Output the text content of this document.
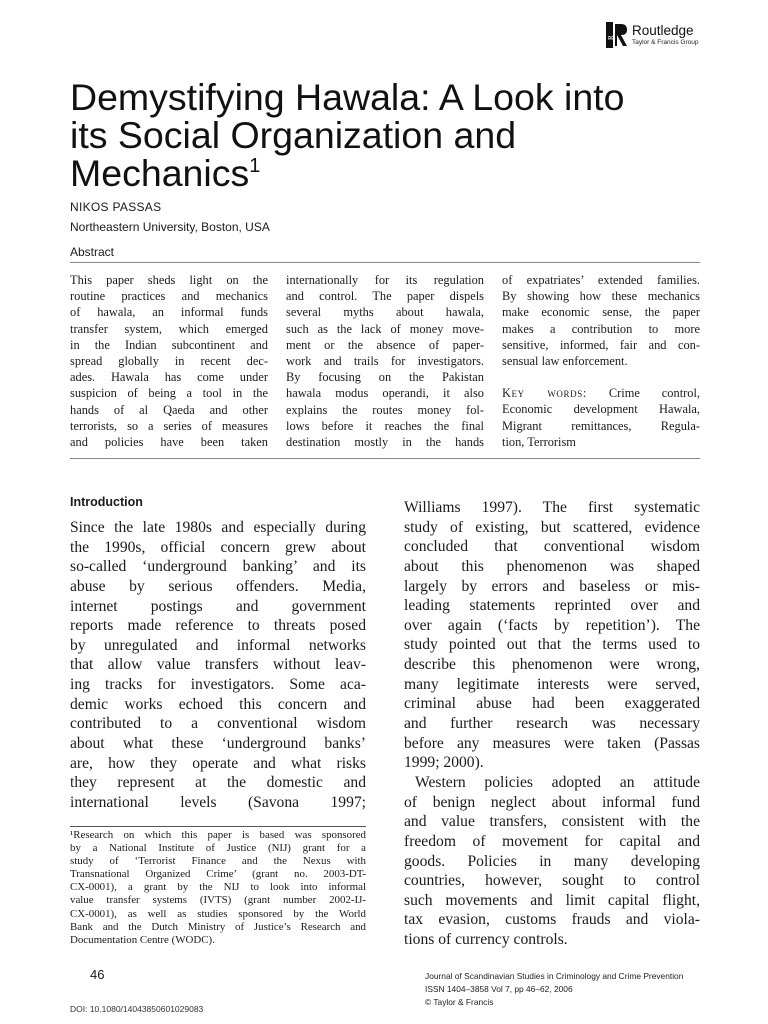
R Routledge
Taylor & Francis Group
Demystifying Hawala: A Look into
its Social Organization and
Mechanics$^1$
NIKOS PASSAS
Northeastern University, Boston, USA
Abstract
This paper sheds light on the
routine practices and mechanics
of hawala, an informal funds
transfer system, which emerged
in the Indian subcontinent and
spread globally in recent dec-
ades. Hawala has come under
suspicion of being a tool in the
hands of al Qaeda and other
terrorists, so a series of measures
and policies have been taken
internationally for its regulation
and control. The paper dispels
several myths about hawala,
such as the lack of money move-
ment or the absence of paper-
work and trails for investigators.
By focusing on the Pakistan
hawala modus operandi, it also
explains the routes money fol-
lows before it reaches the final
destination mostly in the hands
of expatriates’ extended families.
By showing how these mechanics
make economic sense, the paper
makes a contribution to more
sensitive, informed, fair and con-
sensual law enforcement.
Key words: Crime control,
Economic development Hawala,
Migrant remittances, Regula-
tion, Terrorism
Introduction
Since the late 1980s and especially during
the 1990s, official concern grew about
so-called ‘underground banking’ and its
abuse by serious offenders. Media,
internet postings and government
reports made reference to threats posed
by unregulated and informal networks
that allow value transfers without leav-
ing tracks for investigators. Some aca-
demic works echoed this concern and
contributed to a conventional wisdom
about what these ‘underground banks’
are, how they operate and what risks
they represent at the domestic and
international levels (Savona 1997;
Williams 1997). The first systematic
study of existing, but scattered, evidence
concluded that conventional wisdom
about this phenomenon was shaped
largely by errors and baseless or mis-
leading statements reprinted over and
over again (‘facts by repetition’). The
study pointed out that the terms used to
describe this phenomenon were wrong,
many legitimate interests were served,
criminal abuse had been exaggerated
and further research was necessary
before any measures were taken (Passas
1999; 2000).
Western policies adopted an attitude
of benign neglect about informal fund
and value transfers, consistent with the
freedom of movement for capital and
goods. Policies in many developing
countries, however, sought to control
such movements and limit capital flight,
tax evasion, customs frauds and viola-
tions of currency controls.
¹Research on which this paper is based was sponsored
by a National Institute of Justice (NIJ) grant for a
study of ‘Terrorist Finance and the Nexus with
Transnational Organized Crime’ (grant no. 2003-DT-
CX-0001), a grant by the NIJ to look into informal
value transfer systems (IVTS) (grant number 2002-IJ-
CX-0001), as well as studies sponsored by the World
Bank and the Dutch Ministry of Justice’s Research and
Documentation Centre (WODC).
46
DOI: 10.1080/14043850601029083
Journal of Scandinavian Studies in Criminology and Crime Prevention
ISSN 1404–3858 Vol 7, pp 46–62, 2006
© Taylor & Francis
